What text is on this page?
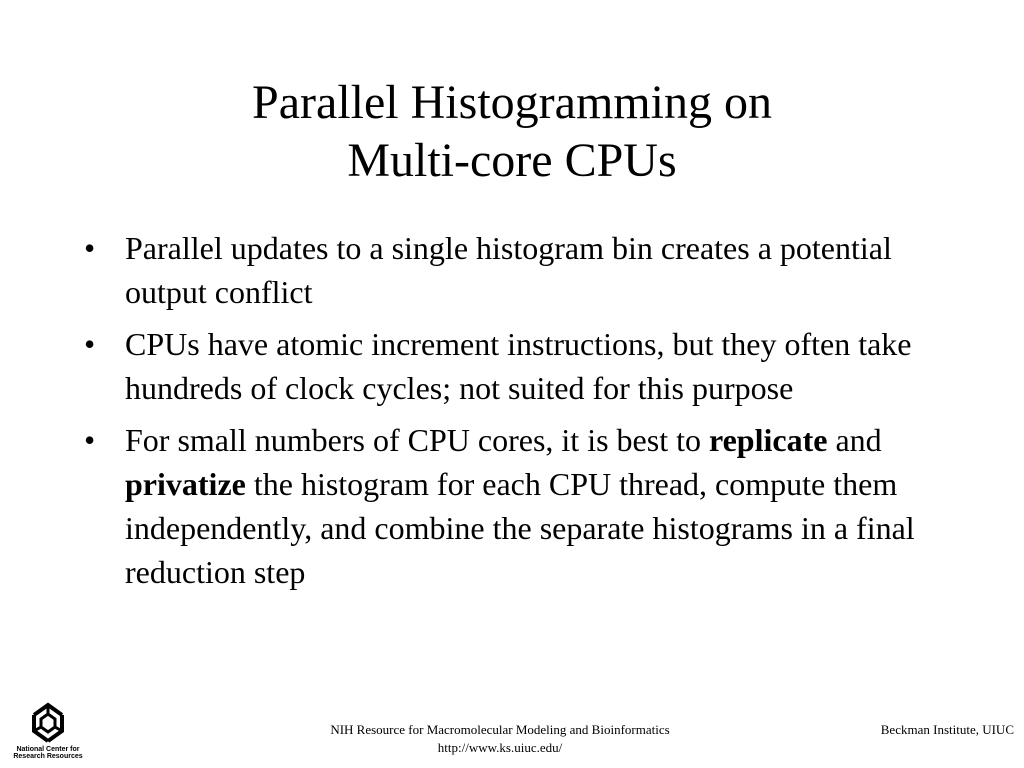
Parallel Histogramming on
Multi-core CPUs
• Parallel updates to a single histogram bin creates a potential output conflict
• CPUs have atomic increment instructions, but they often take hundreds of clock cycles; not suited for this purpose
• For small numbers of CPU cores, it is best to replicate and privatize the histogram for each CPU thread, compute them independently, and combine the separate histograms in a final reduction step
National Center for
Research Resources
NIH Resource for Macromolecular Modeling and Bioinformatics
http://www.ks.uiuc.edu/
Beckman Institute, UIUC
